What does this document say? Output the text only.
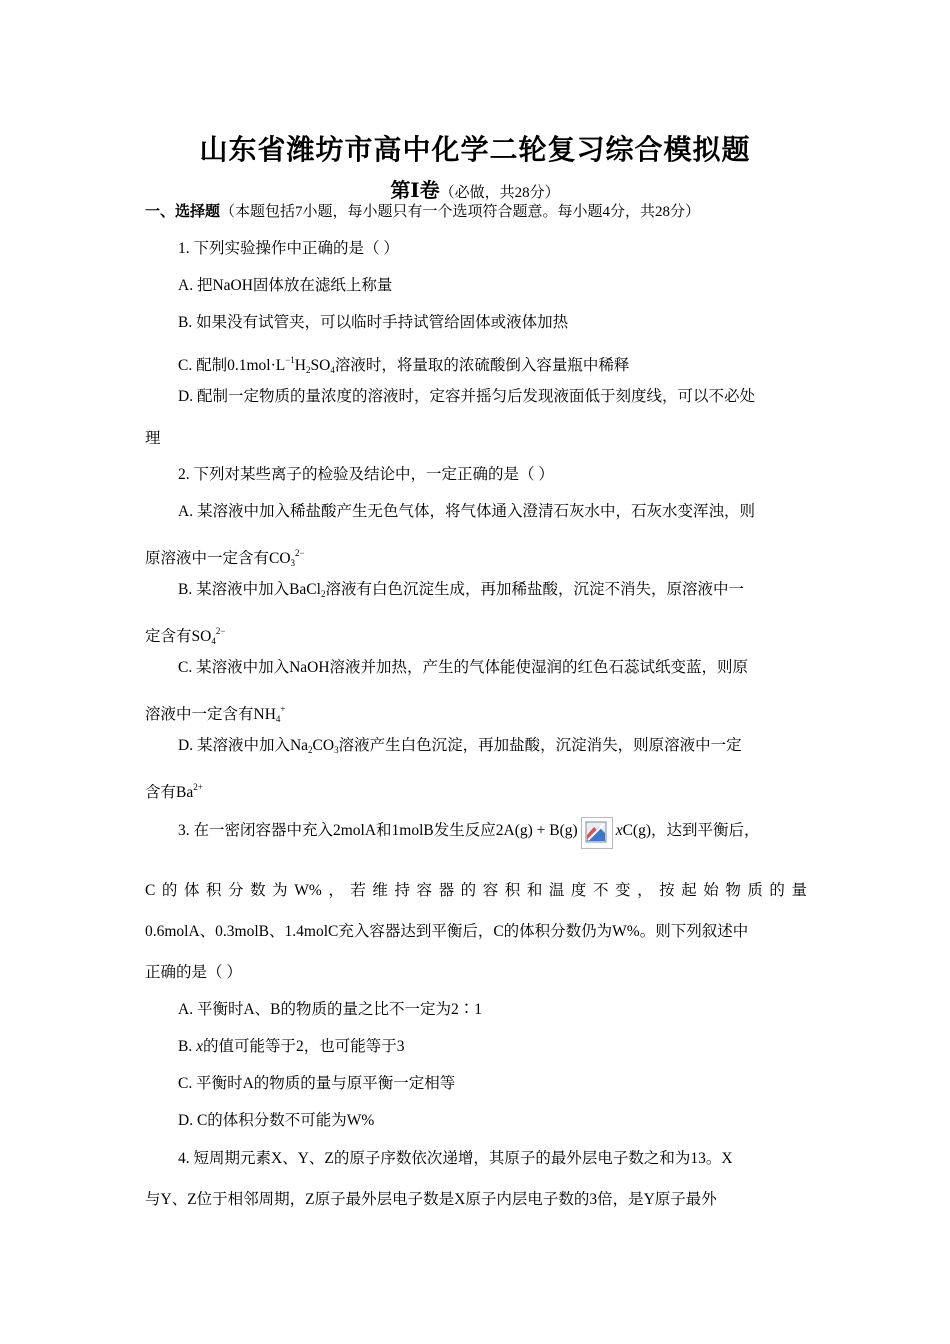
山东省潍坊市高中化学二轮复习综合模拟题
第Ⅰ卷（必做，共28分）
一、选择题（本题包括7小题，每小题只有一个选项符合题意。每小题4分，共28分）
1. 下列实验操作中正确的是（ ）
A. 把NaOH固体放在滤纸上称量
B. 如果没有试管夹，可以临时手持试管给固体或液体加热
C. 配制$0.1mol\cdot L^{-1}H_2SO_4$溶液时，将量取的浓硫酸倒入容量瓶中稀释
D. 配制一定物质的量浓度的溶液时，定容并摇匀后发现液面低于刻度线，可以不必处
理
2. 下列对某些离子的检验及结论中，一定正确的是（ ）
A. 某溶液中加入稀盐酸产生无色气体，将气体通入澄清石灰水中，石灰水变浑浊，则
原溶液中一定含有$CO_3^{2-}$
B. 某溶液中加入BaCl$_2$溶液有白色沉淀生成，再加稀盐酸，沉淀不消失，原溶液中一
定含有$SO_4^{2-}$
C. 某溶液中加入NaOH溶液并加热，产生的气体能使湿润的红色石蕊试纸变蓝，则原
溶液中一定含有$NH_4^+$
D. 某溶液中加入$Na_2CO_3$溶液产生白色沉淀，再加盐酸，沉淀消失，则原溶液中一定
含有$Ba^{2+}$
3. 在一密闭容器中充入2molA和1molB发生反应2A(g) + B(g) xC(g)，达到平衡后，
C的体积分数为W%，若维持容器的容积和温度不变，按起始物质的量
0.6molA、0.3molB、1.4molC充入容器达到平衡后，C的体积分数仍为W%。则下列叙述中
正确的是（ ）
A. 平衡时A、B的物质的量之比不一定为2∶1
B. x的值可能等于2，也可能等于3
C. 平衡时A的物质的量与原平衡一定相等
D. C的体积分数不可能为W%
4. 短周期元素X、Y、Z的原子序数依次递增，其原子的最外层电子数之和为13。X
与Y、Z位于相邻周期，Z原子最外层电子数是X原子内层电子数的3倍，是Y原子最外
